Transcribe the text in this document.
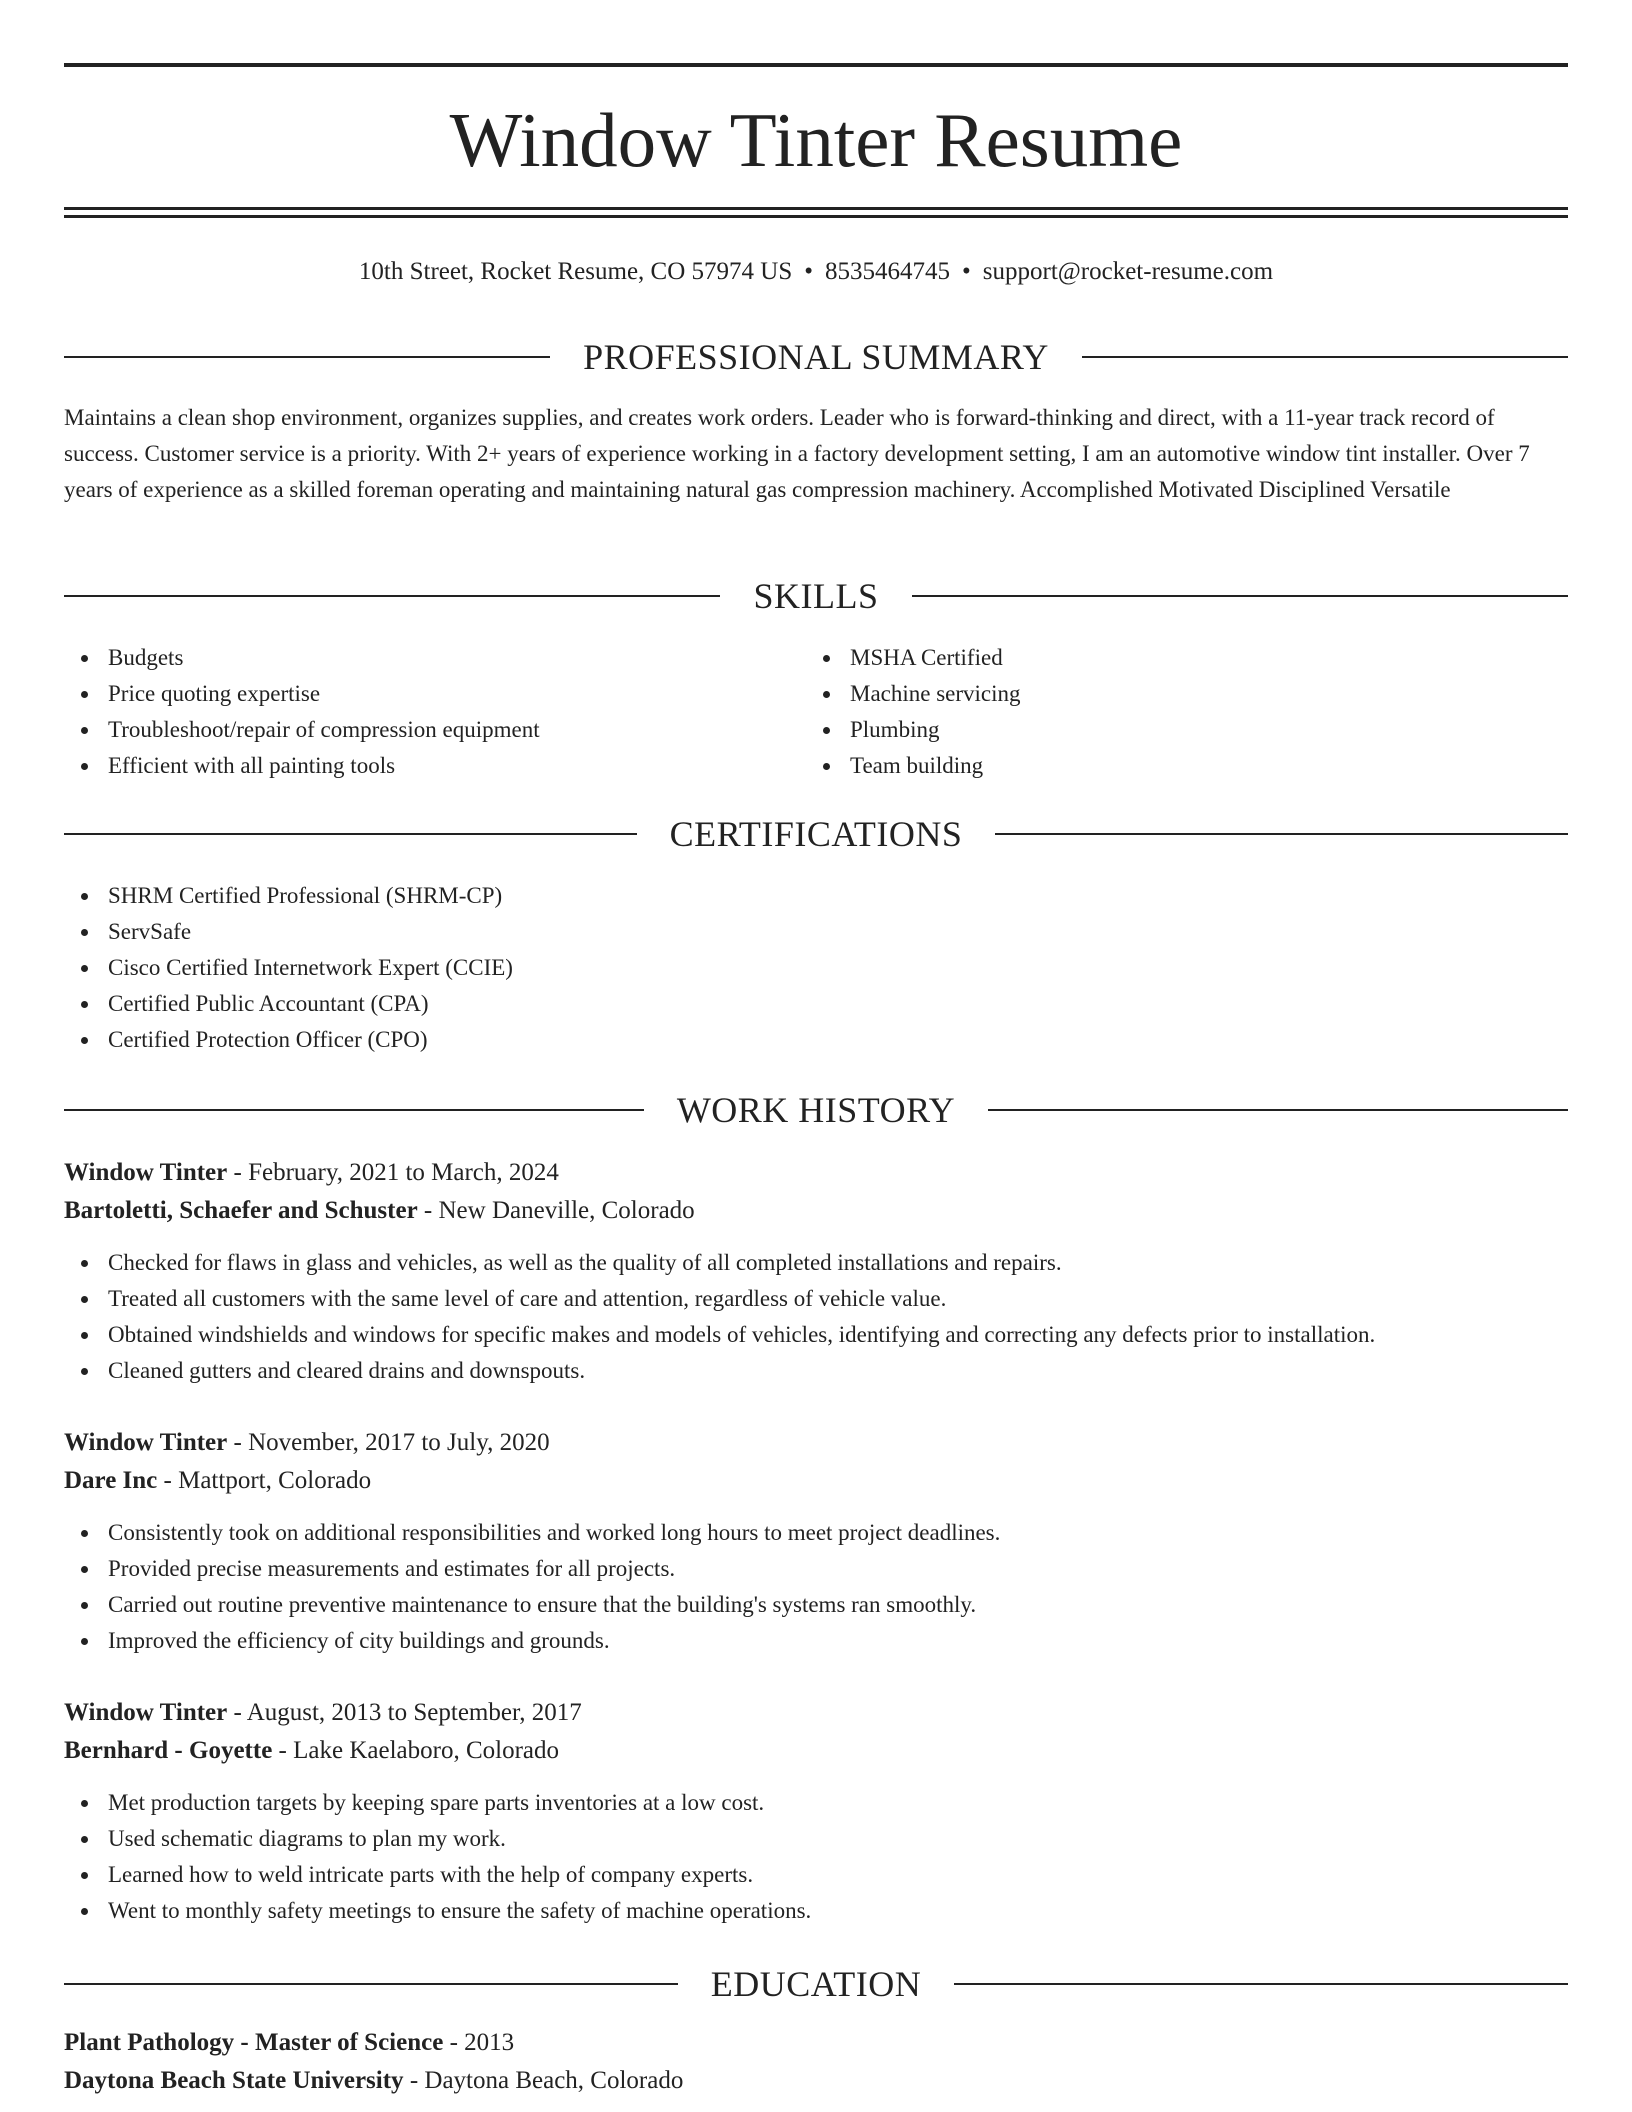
Window Tinter Resume
10th Street, Rocket Resume, CO 57974 US • 8535464745 • support@rocket-resume.com
PROFESSIONAL SUMMARY
Maintains a clean shop environment, organizes supplies, and creates work orders. Leader who is forward-thinking and direct, with a 11-year track record of success. Customer service is a priority. With 2+ years of experience working in a factory development setting, I am an automotive window tint installer. Over 7 years of experience as a skilled foreman operating and maintaining natural gas compression machinery. Accomplished Motivated Disciplined Versatile
SKILLS
Budgets
Price quoting expertise
Troubleshoot/repair of compression equipment
Efficient with all painting tools
MSHA Certified
Machine servicing
Plumbing
Team building
CERTIFICATIONS
SHRM Certified Professional (SHRM-CP)
ServSafe
Cisco Certified Internetwork Expert (CCIE)
Certified Public Accountant (CPA)
Certified Protection Officer (CPO)
WORK HISTORY
Window Tinter - February, 2021 to March, 2024
Bartoletti, Schaefer and Schuster - New Daneville, Colorado
Checked for flaws in glass and vehicles, as well as the quality of all completed installations and repairs.
Treated all customers with the same level of care and attention, regardless of vehicle value.
Obtained windshields and windows for specific makes and models of vehicles, identifying and correcting any defects prior to installation.
Cleaned gutters and cleared drains and downspouts.
Window Tinter - November, 2017 to July, 2020
Dare Inc - Mattport, Colorado
Consistently took on additional responsibilities and worked long hours to meet project deadlines.
Provided precise measurements and estimates for all projects.
Carried out routine preventive maintenance to ensure that the building's systems ran smoothly.
Improved the efficiency of city buildings and grounds.
Window Tinter - August, 2013 to September, 2017
Bernhard - Goyette - Lake Kaelaboro, Colorado
Met production targets by keeping spare parts inventories at a low cost.
Used schematic diagrams to plan my work.
Learned how to weld intricate parts with the help of company experts.
Went to monthly safety meetings to ensure the safety of machine operations.
EDUCATION
Plant Pathology - Master of Science - 2013
Daytona Beach State University - Daytona Beach, Colorado
